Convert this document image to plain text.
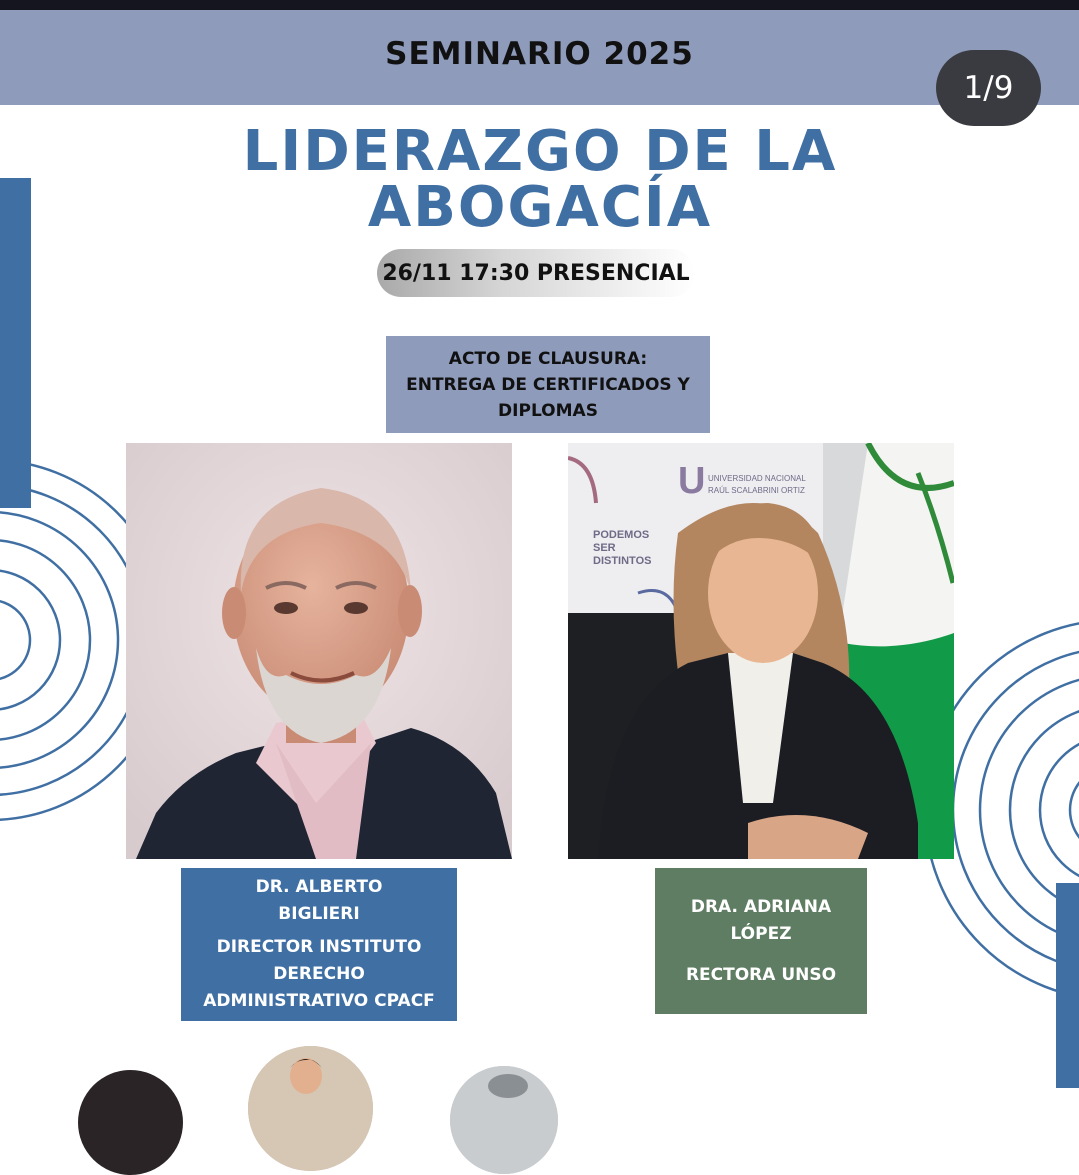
SEMINARIO 2025
1/9
LIDERAZGO DE LA
ABOGACÍA
26/11 17:30 PRESENCIAL
ACTO DE CLAUSURA:
ENTREGA DE CERTIFICADOS Y
DIPLOMAS
U UNIVERSIDAD NACIONAL
RAÚL SCALABRINI ORTIZ
PODEMOS
SER
DISTINTOS
DR. ALBERTO
BIGLIERI
DIRECTOR INSTITUTO
DERECHO
ADMINISTRATIVO CPACF
DRA. ADRIANA
LÓPEZ
RECTORA UNSO
